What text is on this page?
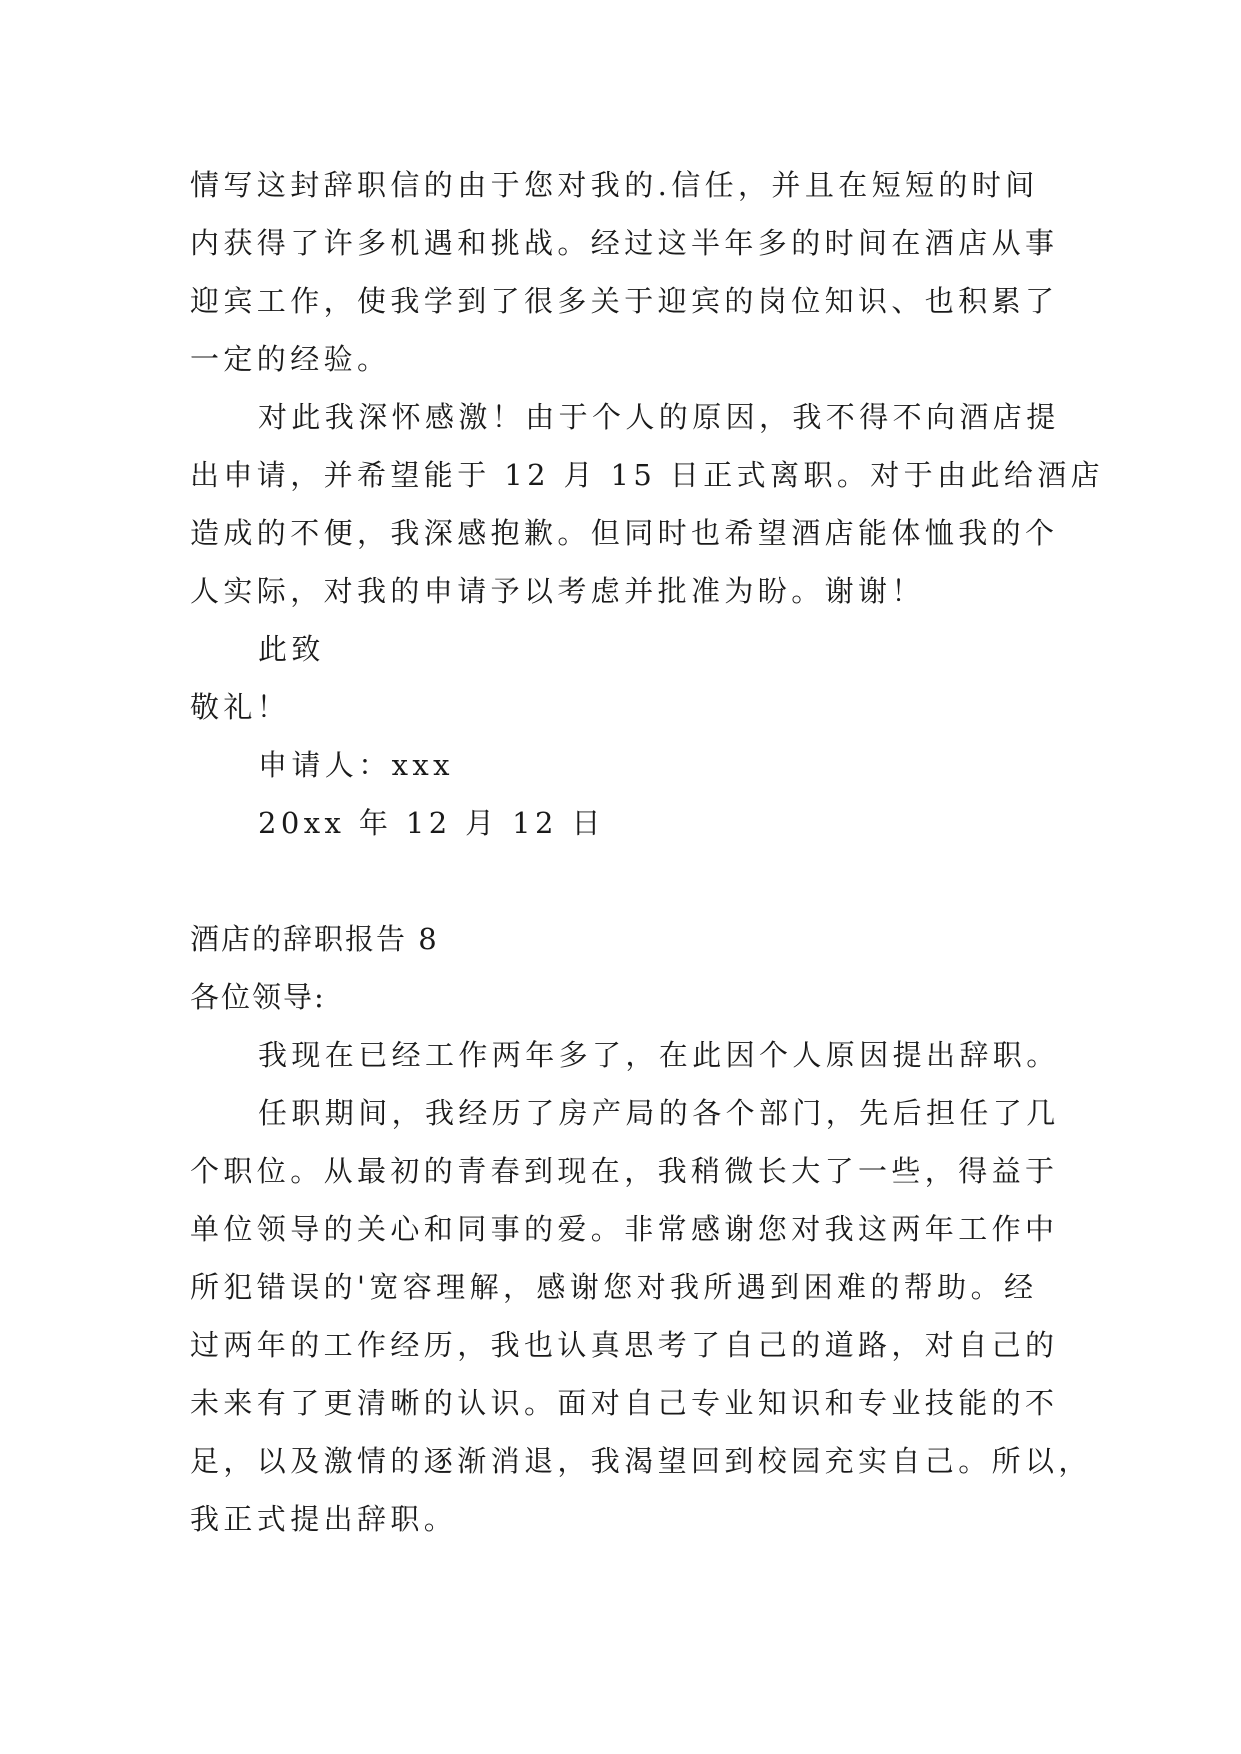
情写这封辞职信的由于您对我的.信任，并且在短短的时间
内获得了许多机遇和挑战。经过这半年多的时间在酒店从事
迎宾工作，使我学到了很多关于迎宾的岗位知识、也积累了
一定的经验。
对此我深怀感激！由于个人的原因，我不得不向酒店提
出申请，并希望能于 12 月 15 日正式离职。对于由此给酒店
造成的不便，我深感抱歉。但同时也希望酒店能体恤我的个
人实际，对我的申请予以考虑并批准为盼。谢谢！
此致
敬礼！
申请人：xxx
20xx 年 12 月 12 日
酒店的辞职报告 8
各位领导:
我现在已经工作两年多了，在此因个人原因提出辞职。
任职期间，我经历了房产局的各个部门，先后担任了几
个职位。从最初的青春到现在，我稍微长大了一些，得益于
单位领导的关心和同事的爱。非常感谢您对我这两年工作中
所犯错误的'宽容理解，感谢您对我所遇到困难的帮助。经
过两年的工作经历，我也认真思考了自己的道路，对自己的
未来有了更清晰的认识。面对自己专业知识和专业技能的不
足，以及激情的逐渐消退，我渴望回到校园充实自己。所以，
我正式提出辞职。
